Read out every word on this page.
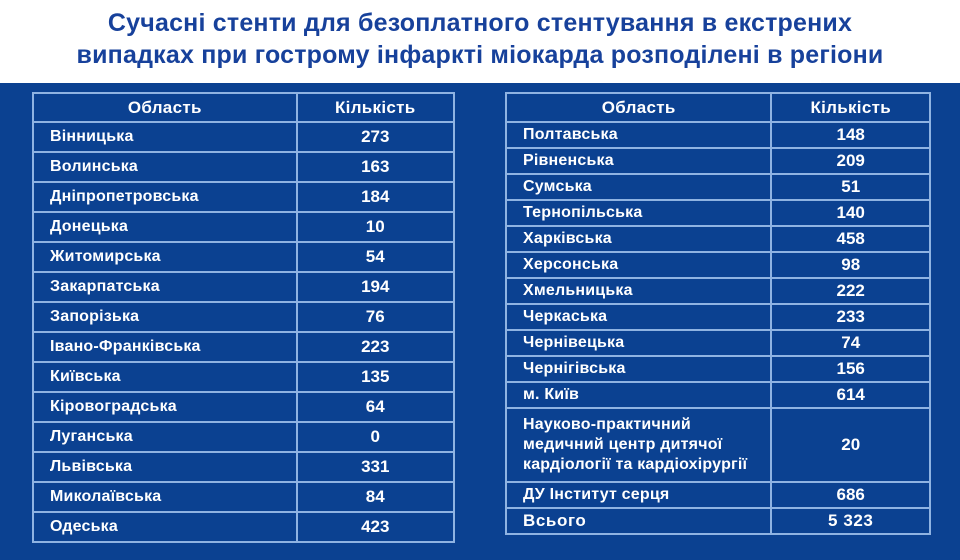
Сучасні стенти для безоплатного стентування в екстрених
випадках при гострому інфаркті міокарда розподілені в регіони
Область	Кількість
Вінницька	273
Волинська	163
Дніпропетровська	184
Донецька	10
Житомирська	54
Закарпатська	194
Запорізька	76
Івано-Франківська	223
Київська	135
Кіровоградська	64
Луганська	0
Львівська	331
Миколаївська	84
Одеська	423
Область	Кількість
Полтавська	148
Рівненська	209
Сумська	51
Тернопільська	140
Харківська	458
Херсонська	98
Хмельницька	222
Черкаська	233
Чернівецька	74
Чернігівська	156
м. Київ	614
Науково-практичний медичний центр дитячої кардіології та кардіохірургії	20
ДУ Інститут серця	686
Всього	5 323
